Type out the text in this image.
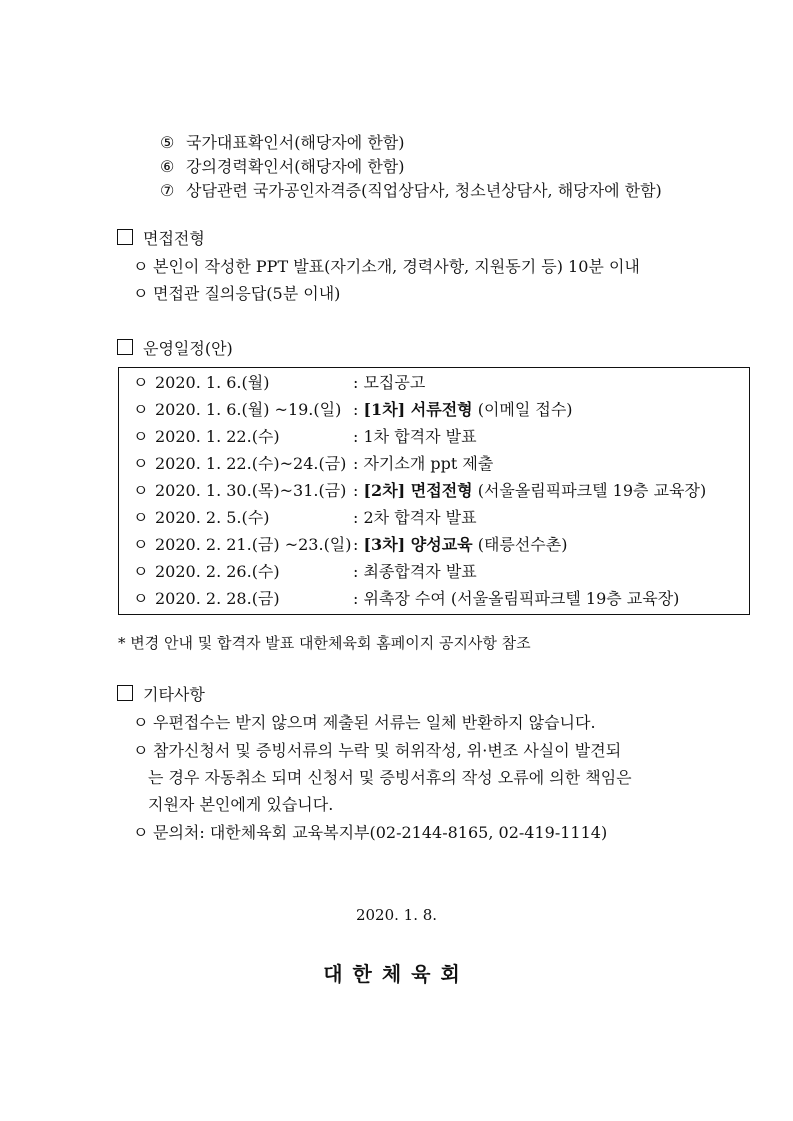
⑤ 국가대표확인서(해당자에 한함)
⑥ 강의경력확인서(해당자에 한함)
⑦ 상담관련 국가공인자격증(직업상담사, 청소년상담사, 해당자에 한함)
면접전형
ㅇ 본인이 작성한 PPT 발표(자기소개, 경력사항, 지원동기 등) 10분 이내
ㅇ 면접관 질의응답(5분 이내)
운영일정(안)
ㅇ 2020. 1. 6.(월)	: 모집공고
ㅇ 2020. 1. 6.(월) ~19.(일) : [1차] 서류전형 (이메일 접수)
ㅇ 2020. 1. 22.(수)	: 1차 합격자 발표
ㅇ 2020. 1. 22.(수)~24.(금) : 자기소개 ppt 제출
ㅇ 2020. 1. 30.(목)~31.(금) : [2차] 면접전형 (서울올림픽파크텔 19층 교육장)
ㅇ 2020. 2. 5.(수)	: 2차 합격자 발표
ㅇ 2020. 2. 21.(금) ~23.(일) : [3차] 양성교육 (태릉선수촌)
ㅇ 2020. 2. 26.(수)	: 최종합격자 발표
ㅇ 2020. 2. 28.(금)	: 위촉장 수여 (서울올림픽파크텔 19층 교육장)
* 변경 안내 및 합격자 발표 대한체육회 홈페이지 공지사항 참조
기타사항
ㅇ 우편접수는 받지 않으며 제출된 서류는 일체 반환하지 않습니다.
ㅇ 참가신청서 및 증빙서류의 누락 및 허위작성, 위·변조 사실이 발견되
는 경우 자동취소 되며 신청서 및 증빙서휴의 작성 오류에 의한 책임은
지원자 본인에게 있습니다.
ㅇ 문의처: 대한체육회 교육복지부(02-2144-8165, 02-419-1114)
2020. 1. 8.
대한체육회
